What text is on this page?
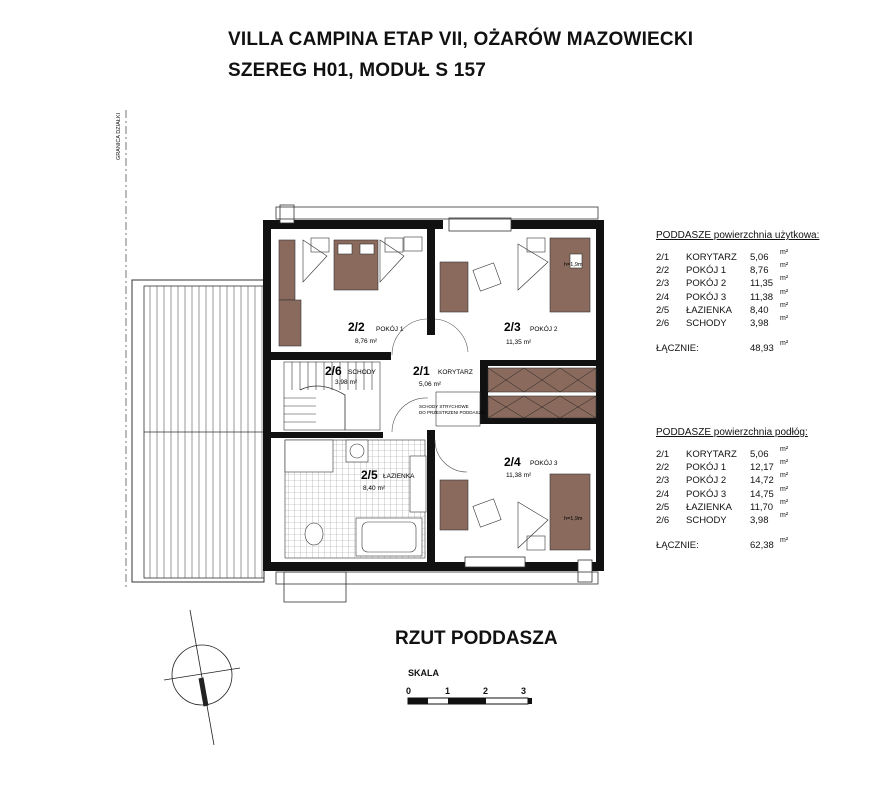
VILLA CAMPINA ETAP VII, OŻARÓW MAZOWIECKI
SZEREG H01, MODUŁ S 157
GRANICA DZIAŁKI
2/2 POKÓJ 1
8,76 m²
2/3 POKÓJ 2
11,35 m²
2/6 SCHODY
3,98 m²
2/1 KORYTARZ
5,06 m²
2/5 ŁAZIENKA
8,40 m²
2/4 POKÓJ 3
11,38 m²
SCHODY STRYCHOWE
DO PRZESTRZENI PODDASZA
h=1,9m
h=1,9m
PODDASZE powierzchnia użytkowa:
2/1 KORYTARZ 5,06 m²
2/2 POKÓJ 1	8,76 m²
2/3 POKÓJ 2	11,35 m²
2/4 POKÓJ 3	11,38 m²
2/5 ŁAZIENKA 8,40 m²
2/6 SCHODY 3,98 m²
ŁĄCZNIE:	48,93 m²
PODDASZE powierzchnia podłóg:
2/1 KORYTARZ 5,06 m²
2/2 POKÓJ 1	12,17 m²
2/3 POKÓJ 2	14,72 m²
2/4 POKÓJ 3	14,75 m²
2/5 ŁAZIENKA 11,70 m²
2/6 SCHODY 3,98 m²
ŁĄCZNIE:	62,38 m²
RZUT PODDASZA
SKALA
0	1	2	3
